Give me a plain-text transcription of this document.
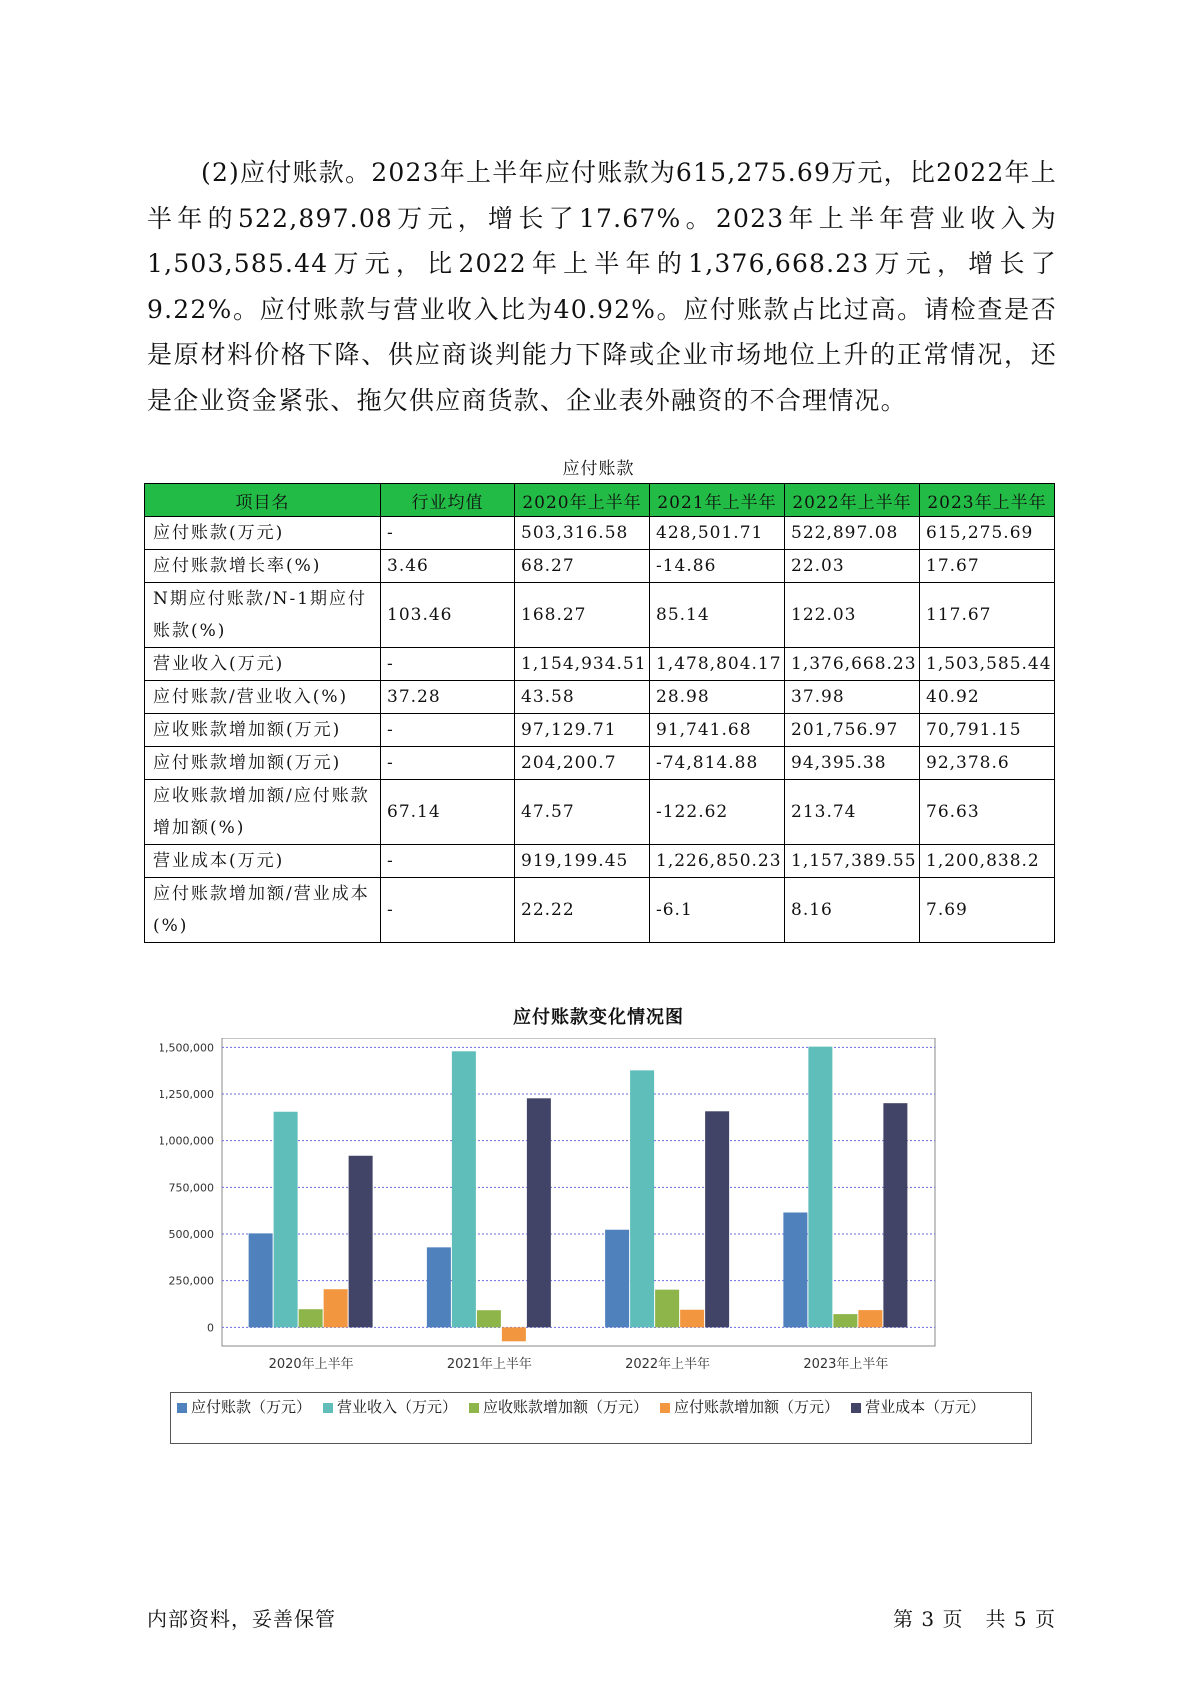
(2)应付账款。2023年上半年应付账款为615,275.69万元，比2022年上半年的522,897.08万元，增长了17.67%。2023年上半年营业收入为1,503,585.44万元，比2022年上半年的1,376,668.23万元，增长了9.22%。应付账款与营业收入比为40.92%。应付账款占比过高。请检查是否是原材料价格下降、供应商谈判能力下降或企业市场地位上升的正常情况，还是企业资金紧张、拖欠供应商货款、企业表外融资的不合理情况。

应付账款
项目名	行业均值	2020年上半年	2021年上半年	2022年上半年	2023年上半年
应付账款(万元)	-	503,316.58	428,501.71	522,897.08	615,275.69
应付账款增长率(%)	3.46	68.27	-14.86	22.03	17.67
N期应付账款/N-1期应付账款(%)	103.46	168.27	85.14	122.03	117.67
营业收入(万元)	-	1,154,934.51	1,478,804.17	1,376,668.23	1,503,585.44
应付账款/营业收入(%)	37.28	43.58	28.98	37.98	40.92
应收账款增加额(万元)	-	97,129.71	91,741.68	201,756.97	70,791.15
应付账款增加额(万元)	-	204,200.7	-74,814.88	94,395.38	92,378.6
应收账款增加额/应付账款增加额(%)	67.14	47.57	-122.62	213.74	76.63
营业成本(万元)	-	919,199.45	1,226,850.23	1,157,389.55	1,200,838.2
应付账款增加额/营业成本(%)	-	22.22	-6.1	8.16	7.69
应付账款变化情况图
0
250,000
500,000
750,000
1,000,000
1,250,000
1,500,000
2020年上半年	2021年上半年	2022年上半年	2023年上半年
应付账款（万元） 营业收入（万元） 应收账款增加额（万元） 应付账款增加额（万元） 营业成本（万元）
内部资料，妥善保管	第 3 页   共 5 页
